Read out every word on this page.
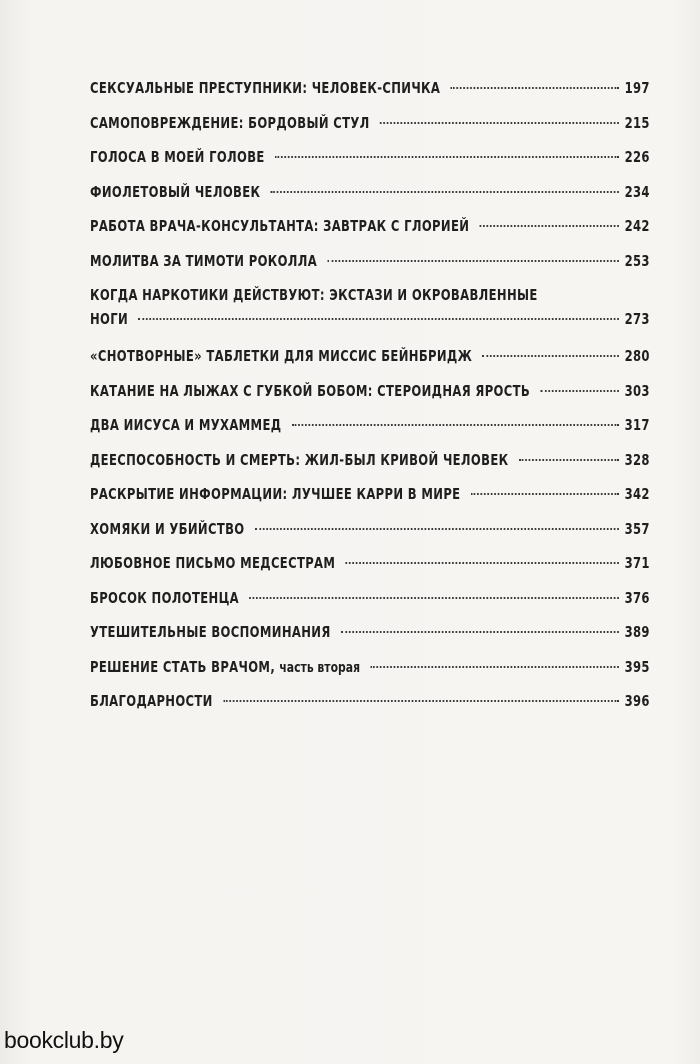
СЕКСУАЛЬНЫЕ ПРЕСТУПНИКИ: ЧЕЛОВЕК-СПИЧКА	197
САМОПОВРЕЖДЕНИЕ: БОРДОВЫЙ СТУЛ	215
ГОЛОСА В МОЕЙ ГОЛОВЕ	226
ФИОЛЕТОВЫЙ ЧЕЛОВЕК	234
РАБОТА ВРАЧА-КОНСУЛЬТАНТА: ЗАВТРАК С ГЛОРИЕЙ	242
МОЛИТВА ЗА ТИМОТИ РОКОЛЛА	253
КОГДА НАРКОТИКИ ДЕЙСТВУЮТ: ЭКСТАЗИ И ОКРОВАВЛЕННЫЕ
НОГИ	273
«СНОТВОРНЫЕ» ТАБЛЕТКИ ДЛЯ МИССИС БЕЙНБРИДЖ	280
КАТАНИЕ НА ЛЫЖАХ С ГУБКОЙ БОБОМ: СТЕРОИДНАЯ ЯРОСТЬ	303
ДВА ИИСУСА И МУХАММЕД	317
ДЕЕСПОСОБНОСТЬ И СМЕРТЬ: ЖИЛ-БЫЛ КРИВОЙ ЧЕЛОВЕК	328
РАСКРЫТИЕ ИНФОРМАЦИИ: ЛУЧШЕЕ КАРРИ В МИРЕ	342
ХОМЯКИ И УБИЙСТВО	357
ЛЮБОВНОЕ ПИСЬМО МЕДСЕСТРАМ	371
БРОСОК ПОЛОТЕНЦА	376
УТЕШИТЕЛЬНЫЕ ВОСПОМИНАНИЯ	389
РЕШЕНИЕ СТАТЬ ВРАЧОМ, часть вторая	395
БЛАГОДАРНОСТИ	396
bookclub.by
